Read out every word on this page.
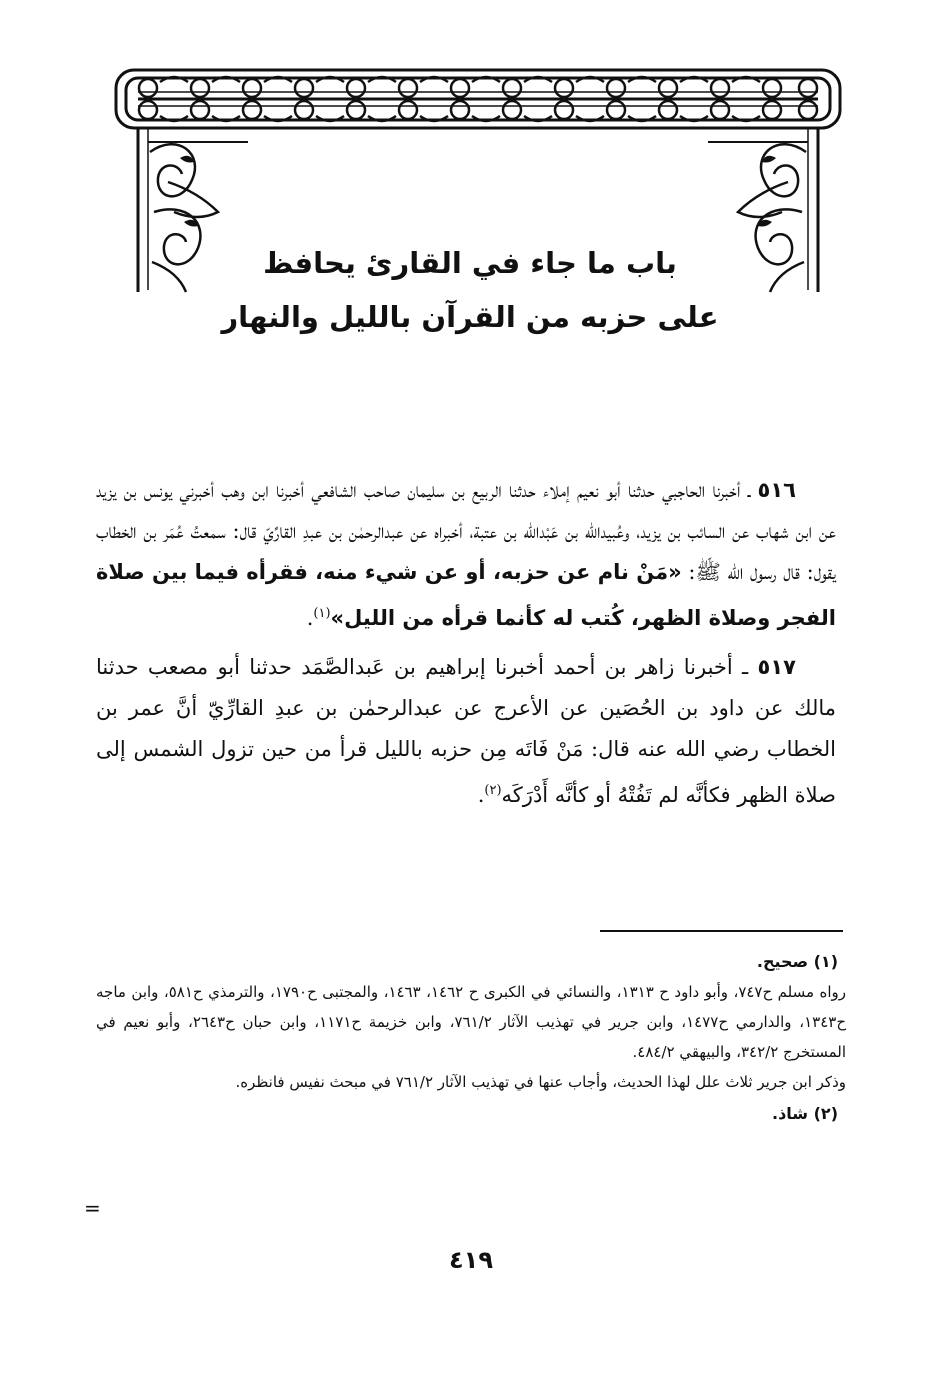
باب ما جاء في القارئ يحافظ
على حزبه من القرآن بالليل والنهار

٥١٦ ـ أخبرنا الحاجبي حدثنا أبو نعيم إملاء حدثنا الربيع بن سليمان صاحب الشافعي أخبرنا ابن وهب أخبرني يونس بن يزيد عن ابن شهاب عن السائب بن يزيد، وعُبيدالله بن عَبْدالله بن عتبة، أخبراه عن عبدالرحمٰن بن عبدِ القارِّيّ قال: سمعتُ عُمَر بن الخطاب يقول: قال رسول الله ﷺ: «مَنْ نام عن حزبه، أو عن شيء منه، فقرأه فيما بين صلاة الفجر وصلاة الظهر، كُتب له كأنما قرأه من الليل»$^{(١)}$.

٥١٧ ـ أخبرنا زاهر بن أحمد أخبرنا إبراهيم بن عَبدالصَّمَد حدثنا أبو مصعب حدثنا مالك عن داود بن الحُصَين عن الأعرج عن عبدالرحمٰن بن عبدِ القارِّيّ أنَّ عمر بن الخطاب رضي الله عنه قال: مَنْ فَاتَه مِن حزبه بالليل قرأ من حين تزول الشمس إلى صلاة الظهر فكأنَّه لم تَفُتْهُ أو كأنَّه أَدْرَكَه$^{(٢)}$.

(١) صحيح.

رواه مسلم ح٧٤٧، وأبو داود ح ١٣١٣، والنسائي في الكبرى ح ١٤٦٢، ١٤٦٣، والمجتبى ح١٧٩٠، والترمذي ح٥٨١، وابن ماجه ح١٣٤٣، والدارمي ح١٤٧٧، وابن جرير في تهذيب الآثار ٧٦١/٢، وابن خزيمة ح١١٧١، وابن حبان ح٢٦٤٣، وأبو نعيم في المستخرج ٣٤٢/٢، والبيهقي ٤٨٤/٢.

وذكر ابن جرير ثلاث علل لهذا الحديث، وأجاب عنها في تهذيب الآثار ٧٦١/٢ في مبحث نفيس فانظره.

(٢) شاذ.
=
٤١٩
